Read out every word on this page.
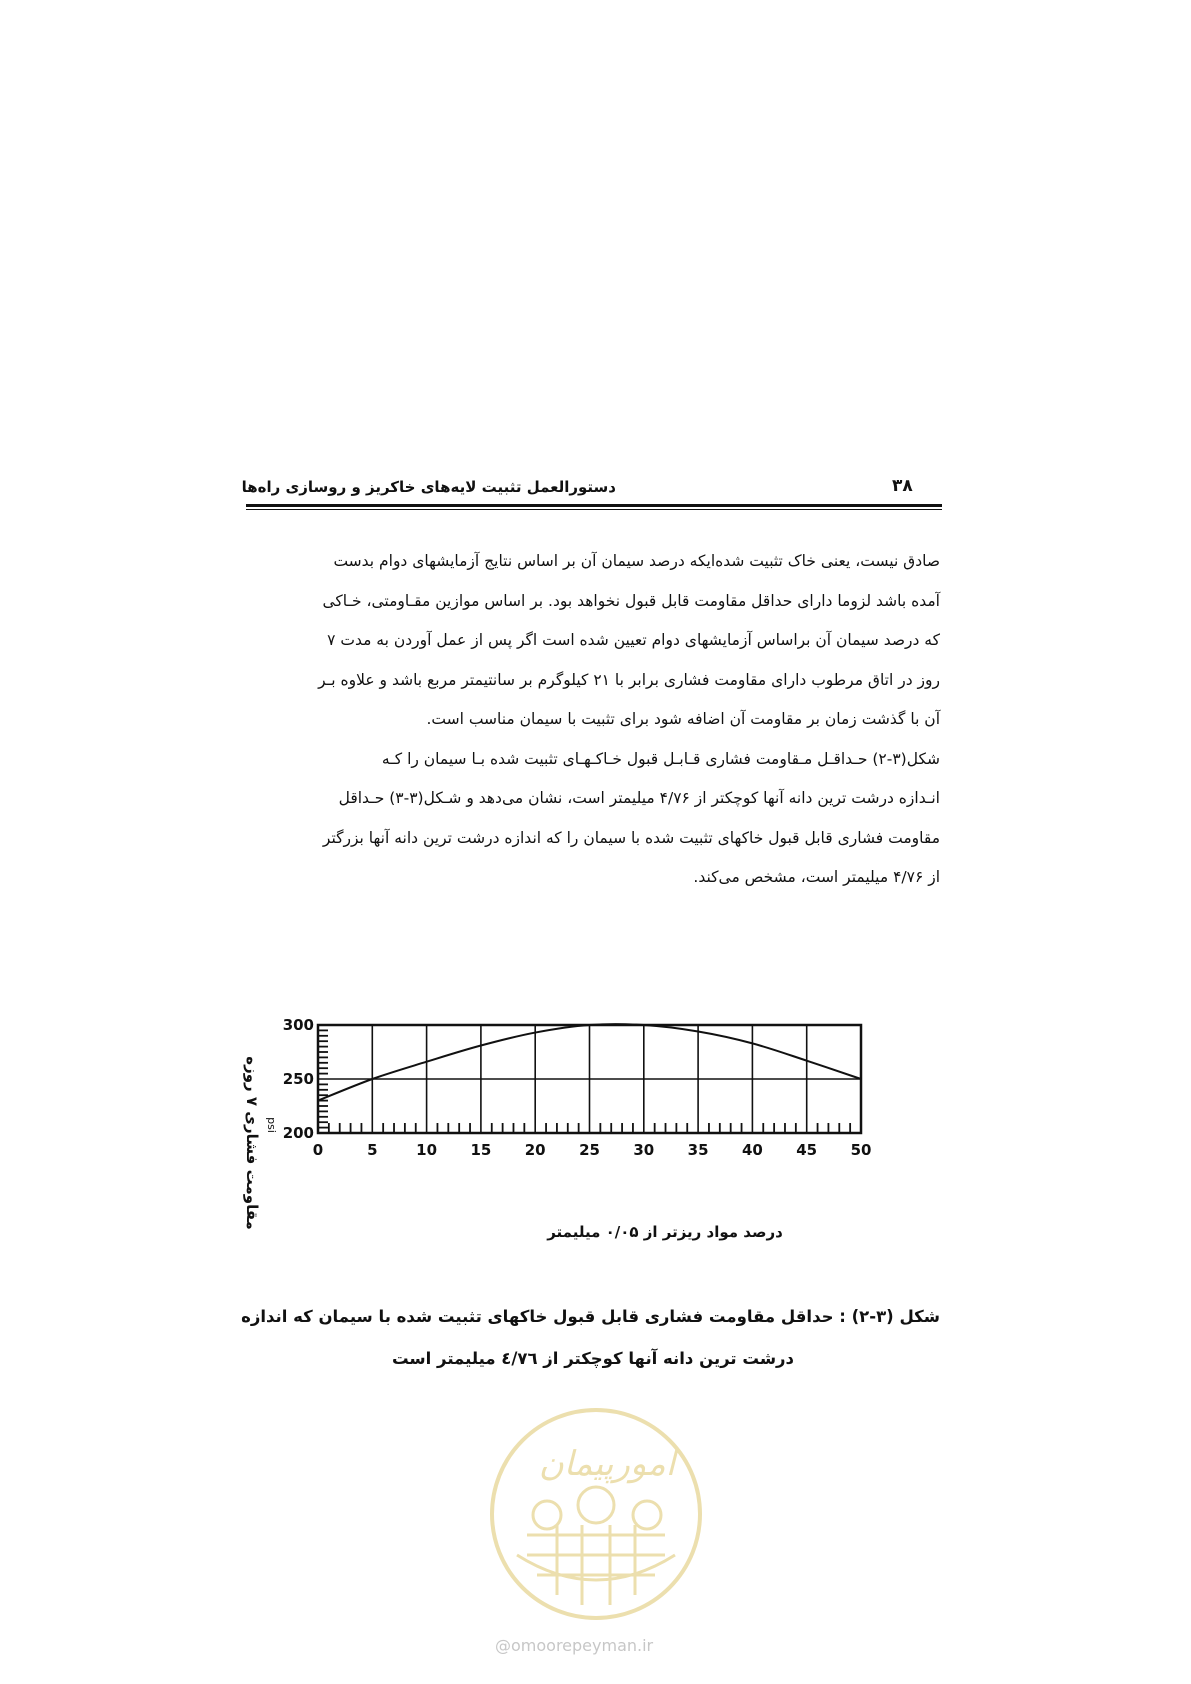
دستورالعمل تثبیت لایه‌های خاکریز و روسازی راه‌ها	۳۸

صادق نیست، یعنی خاک تثبیت شده‌ایکه درصد سیمان آن بر اساس نتایج آزمایشهای دوام بدست

آمده باشد لزوما دارای حداقل مقاومت قابل قبول نخواهد بود. بر اساس موازین مقـاومتی، خـاکی

که درصد سیمان آن براساس آزمایشهای دوام تعیین شده است اگر پس از عمل آوردن به مدت ۷

روز در اتاق مرطوب دارای مقاومت فشاری برابر با ۲۱ کیلوگرم بر سانتیمتر مربع باشد و علاوه بـر

آن با گذشت زمان بر مقاومت آن اضافه شود برای تثبیت با سیمان مناسب است.

شکل(۳-۲) حـداقـل مـقاومت فشاری قـابـل قبول خـاکـهـای تثبیت شده بـا سیمان را کـه

انـدازه درشت ترین دانه آنها کوچکتر از ۴/۷۶ میلیمتر است، نشان می‌دهد و شـکل(۳-۳) حـداقل

مقاومت فشاری قابل قبول خاکهای تثبیت شده با سیمان را که اندازه درشت ترین دانه آنها بزرگتر

از ۴/۷۶ میلیمتر است، مشخص می‌کند.

0	5	10 15 20 25 30 35 40 45 50
200
250
300
مقاومت فشاری ۷ روزه psi
درصد مواد ریزتر از ۰/۰۵ میلیمتر
شکل (۳-۲) : حداقل مقاومت فشاری قابل قبول خاکهای تثبیت شده با سیمان که اندازه
درشت ترین دانه آنها کوچکتر از ٤/٧٦ میلیمتر است
امورپیمان
@omoorepeyman.ir
